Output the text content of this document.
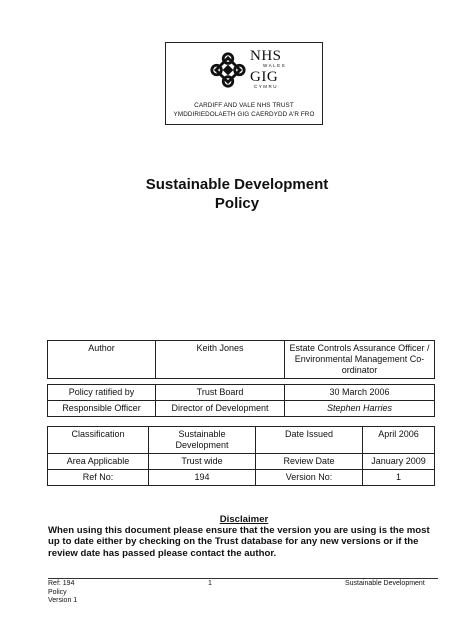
NHS
WALES
GIG
CYMRU
CARDIFF AND VALE NHS TRUST
YMDDIRIEDOLAETH GIG CAERDYDD A'R FRO
Sustainable Development
Policy
Author	Keith Jones	Estate Controls Assurance Officer / Environmental Management Co-ordinator
Policy ratified by	Trust Board	30 March 2006
Responsible Officer	Director of Development	Stephen Harries
Classification	Sustainable Development	Date Issued	April 2006
Area Applicable	Trust wide	Review Date	January 2009
Ref No:	194	Version No:	1
Disclaimer
When using this document please ensure that the version you are using is the most up to date either by checking on the Trust database for any new versions or if the review date has passed please contact the author.
Ref: 194
Policy
Version 1
1	Sustainable Development
